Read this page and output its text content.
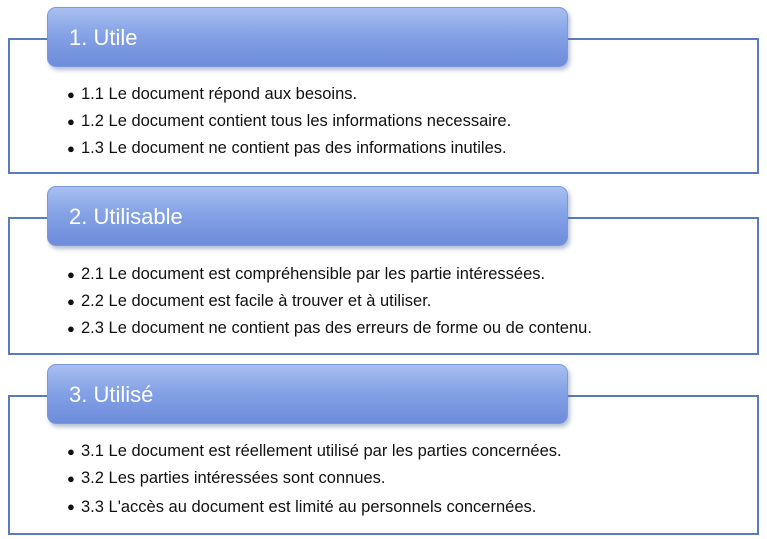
1. Utile
● 1.1 Le document répond aux besoins.
● 1.2 Le document contient tous les informations necessaire.
● 1.3 Le document ne contient pas des informations inutiles.
2. Utilisable
● 2.1 Le document est compréhensible par les partie intéressées.
● 2.2 Le document est facile à trouver et à utiliser.
● 2.3 Le document ne contient pas des erreurs de forme ou de contenu.
3. Utilisé
● 3.1 Le document est réellement utilisé par les parties concernées.
● 3.2 Les parties intéressées sont connues.
● 3.3 L'accès au document est limité au personnels concernées.
